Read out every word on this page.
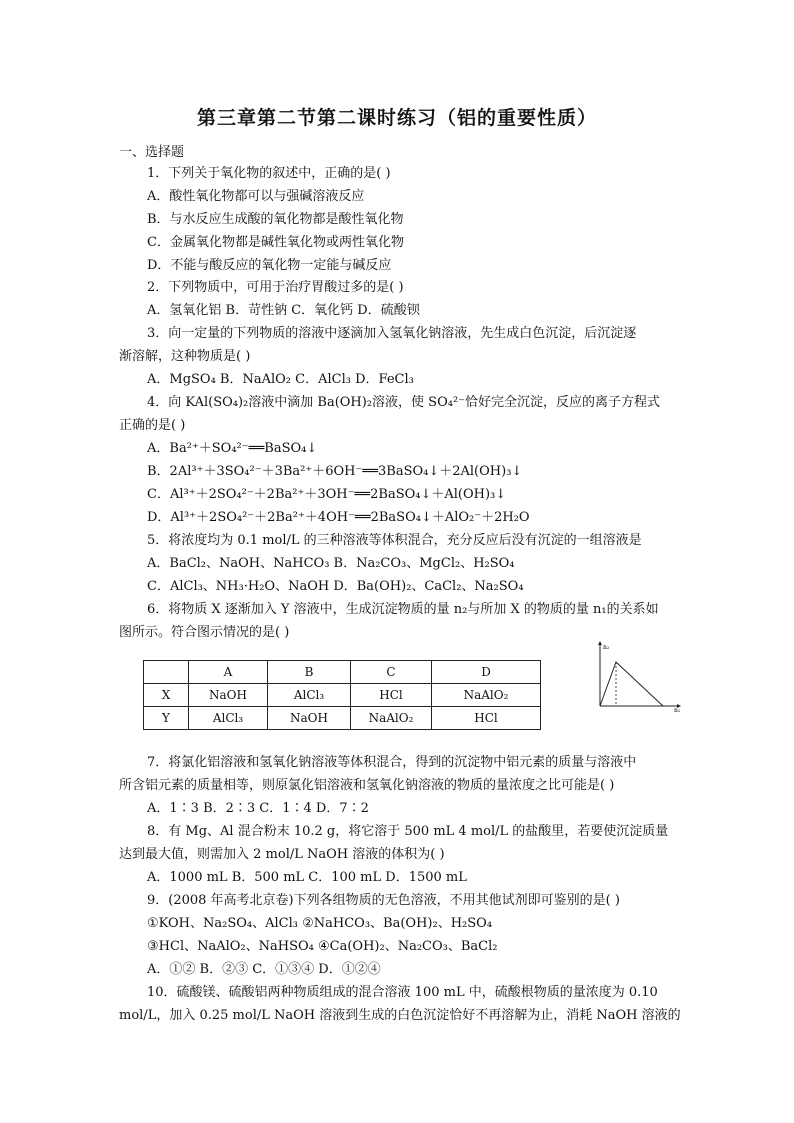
第三章第二节第二课时练习（铝的重要性质）
一、选择题
1．下列关于氧化物的叙述中，正确的是( )
A．酸性氧化物都可以与强碱溶液反应
B．与水反应生成酸的氧化物都是酸性氧化物
C．金属氧化物都是碱性氧化物或两性氧化物
D．不能与酸反应的氧化物一定能与碱反应
2．下列物质中，可用于治疗胃酸过多的是( )
A．氢氧化铝 B．苛性钠 C．氧化钙 D．硫酸钡
3．向一定量的下列物质的溶液中逐滴加入氢氧化钠溶液，先生成白色沉淀，后沉淀逐
渐溶解，这种物质是( )
A．MgSO₄ B．NaAlO₂ C．AlCl₃ D．FeCl₃
4．向 KAl(SO₄)₂溶液中滴加 Ba(OH)₂溶液，使 SO₄²⁻恰好完全沉淀，反应的离子方程式
正确的是( )
A．Ba²⁺＋SO₄²⁻══BaSO₄↓
B．2Al³⁺＋3SO₄²⁻＋3Ba²⁺＋6OH⁻══3BaSO₄↓＋2Al(OH)₃↓
C．Al³⁺＋2SO₄²⁻＋2Ba²⁺＋3OH⁻══2BaSO₄↓＋Al(OH)₃↓
D．Al³⁺＋2SO₄²⁻＋2Ba²⁺＋4OH⁻══2BaSO₄↓＋AlO₂⁻＋2H₂O
5．将浓度均为 0.1 mol/L 的三种溶液等体积混合，充分反应后没有沉淀的一组溶液是
A．BaCl₂、NaOH、NaHCO₃ B．Na₂CO₃、MgCl₂、H₂SO₄
C．AlCl₃、NH₃·H₂O、NaOH D．Ba(OH)₂、CaCl₂、Na₂SO₄
6．将物质 X 逐渐加入 Y 溶液中，生成沉淀物质的量 n₂与所加 X 的物质的量 n₁的关系如
图所示。符合图示情况的是( )
	A	B	C	D
X	NaOH	AlCl₃	HCl	NaAlO₂
Y	AlCl₃	NaOH	NaAlO₂	HCl
n₂
n₁
7．将氯化铝溶液和氢氧化钠溶液等体积混合，得到的沉淀物中铝元素的质量与溶液中
所含铝元素的质量相等，则原氯化铝溶液和氢氧化钠溶液的物质的量浓度之比可能是( )
A．1∶3 B．2∶3 C．1∶4 D．7∶2
8．有 Mg、Al 混合粉末 10.2 g，将它溶于 500 mL 4 mol/L 的盐酸里，若要使沉淀质量
达到最大值，则需加入 2 mol/L NaOH 溶液的体积为( )
A．1000 mL B．500 mL C．100 mL D．1500 mL
9．(2008 年高考北京卷)下列各组物质的无色溶液，不用其他试剂即可鉴别的是( )
①KOH、Na₂SO₄、AlCl₃ ②NaHCO₃、Ba(OH)₂、H₂SO₄
③HCl、NaAlO₂、NaHSO₄ ④Ca(OH)₂、Na₂CO₃、BaCl₂
A．①② B．②③ C．①③④ D．①②④
10．硫酸镁、硫酸铝两种物质组成的混合溶液 100 mL 中，硫酸根物质的量浓度为 0.10
mol/L，加入 0.25 mol/L NaOH 溶液到生成的白色沉淀恰好不再溶解为止，消耗 NaOH 溶液的
